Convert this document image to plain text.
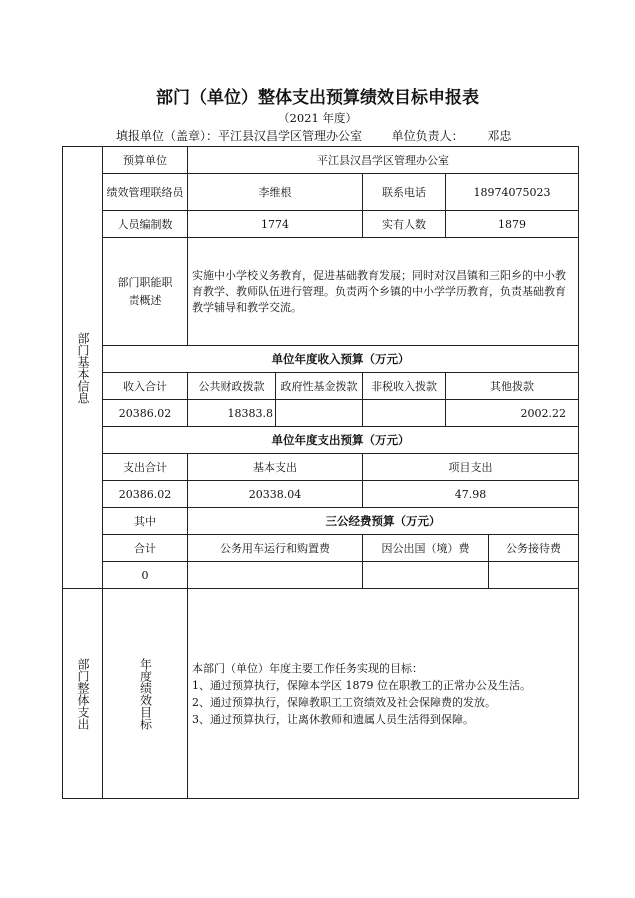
部门（单位）整体支出预算绩效目标申报表
（2021 年度）
填报单位（盖章）：平江县汉昌学区管理办公室 单位负责人： 邓忠
部门基本信息	预算单位	平江县汉昌学区管理办公室				
	绩效管理联络员	李维根		联系电话	18974075023	
	人员编制数	1774		实有人数	1879	

	部门职能职责概述	实施中小学校义务教育，促进基础教育发展；同时对汉昌镇和三阳乡的中小教育教学、教师队伍进行管理。负责两个乡镇的中小学学历教育，负责基础教育教学辅导和教学交流。				
	单位年度收入预算（万元）					
	收入合计	公共财政拨款	政府性基金拨款	非税收入拨款	其他拨款	
	20386.02	18383.8			2002.22	
	单位年度支出预算（万元）					
	支出合计	基本支出		项目支出		
	20386.02	20338.04		47.98		
	其中	三公经费预算（万元）				
	合计	公务用车运行和购置费		因公出国（境）费		公务接待费
	0					

部门整体支出	年度绩效目标	本部门（单位）年度主要工作任务实现的目标：
1、通过预算执行，保障本学区 1879 位在职教工的正常办公及生活。
2、通过预算执行，保障教职工工资绩效及社会保障费的发放。
3、通过预算执行，让离休教师和遗属人员生活得到保障。				
